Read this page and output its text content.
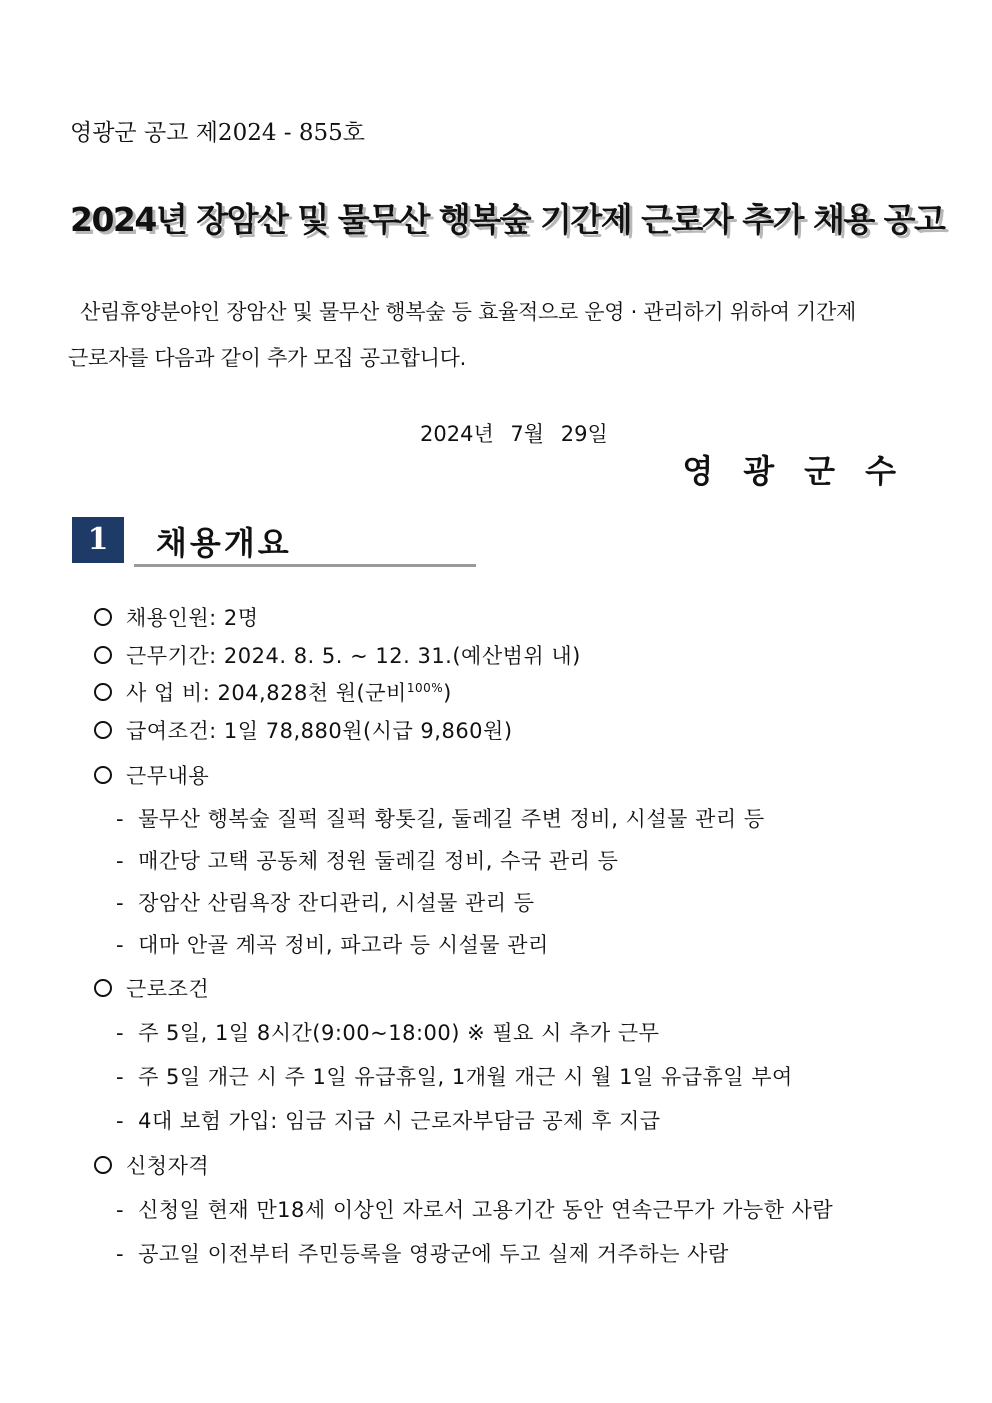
영광군 공고 제2024 - 855호
2024년 장암산 및 물무산 행복숲 기간제 근로자 추가 채용 공고
산림휴양분야인 장암산 및 물무산 행복숲 등 효율적으로 운영 · 관리하기 위하여 기간제
근로자를 다음과 같이 추가 모집 공고합니다.
2024년 7월 29일
영광군수
1	채용개요
채용인원: 2명
근무기간: 2024. 8. 5. ~ 12. 31.(예산범위 내)
사 업 비: 204,828천 원(군비$^{100\%}$)
급여조건: 1일 78,880원(시급 9,860원)
근무내용
- 물무산 행복숲 질퍽 질퍽 황톳길, 둘레길 주변 정비, 시설물 관리 등
- 매간당 고택 공동체 정원 둘레길 정비, 수국 관리 등
- 장암산 산림욕장 잔디관리, 시설물 관리 등
- 대마 안골 계곡 정비, 파고라 등 시설물 관리
근로조건
- 주 5일, 1일 8시간(9:00~18:00) ※ 필요 시 추가 근무
- 주 5일 개근 시 주 1일 유급휴일, 1개월 개근 시 월 1일 유급휴일 부여
- 4대 보험 가입: 임금 지급 시 근로자부담금 공제 후 지급
신청자격
- 신청일 현재 만18세 이상인 자로서 고용기간 동안 연속근무가 가능한 사람
- 공고일 이전부터 주민등록을 영광군에 두고 실제 거주하는 사람
